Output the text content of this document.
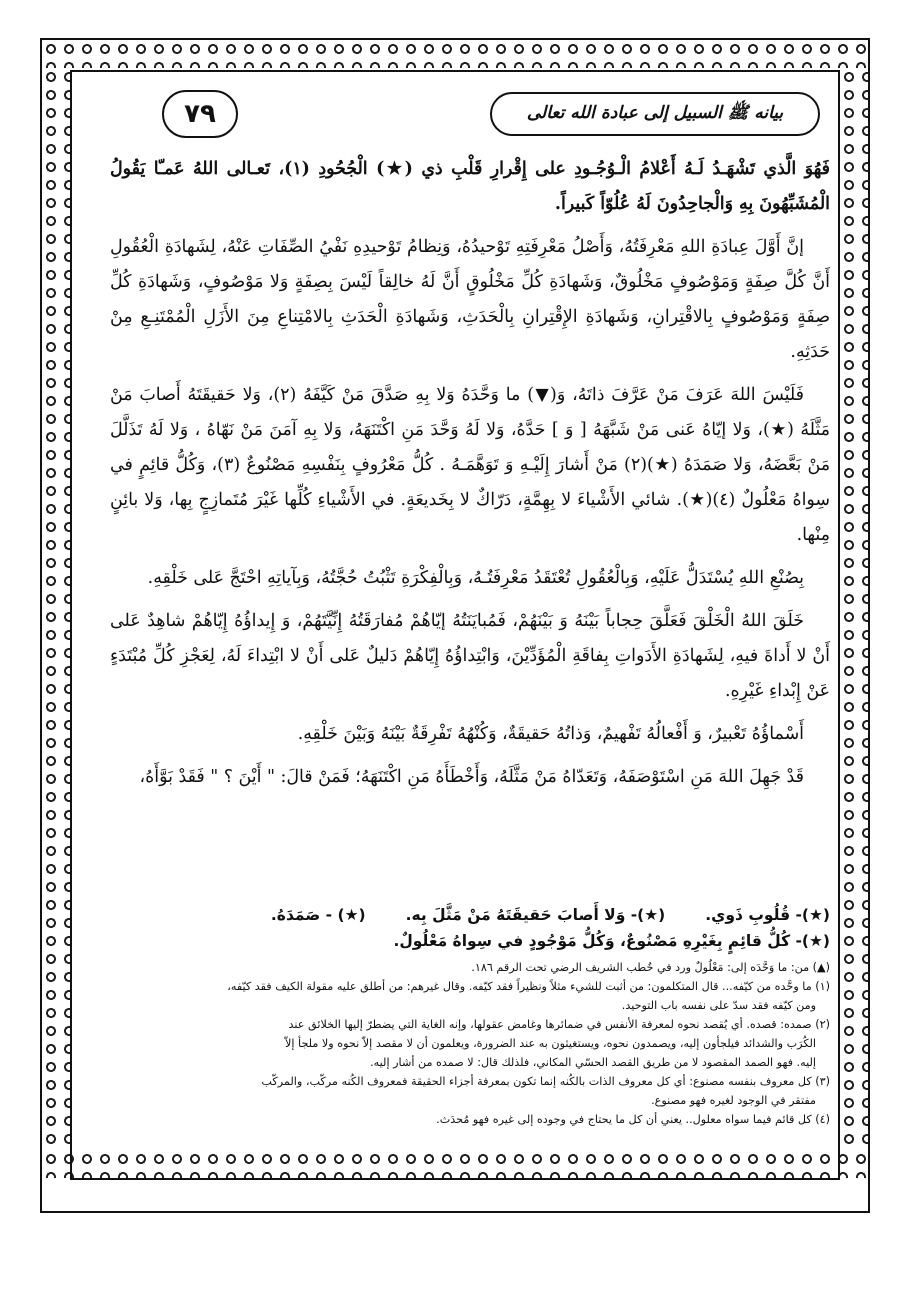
بيانه ﷺ السبيل إلى عبادة الله تعالى
٧٩

فَهُوَ الَّذي تَشْهَـدُ لَـهُ أَعْلامُ الْـوُجُـودِ على إِقْرارِ قَلْبِ ذي (★) الْجُحُودِ (١)، تَعـالى اللهُ عَمـّا يَقُولُ الْمُشَبِّهُونَ بِهِ وَالْجاحِدُونَ لَهُ عُلُوّاً كَبيراً.

إنَّ أَوَّلَ عِبادَةِ اللهِ مَعْرِفَتُهُ، وَأَصْلُ مَعْرِفَتِهِ تَوْحيدُهُ، وَنِظامُ تَوْحيدِهِ نَفْيُ الصِّفَاتِ عَنْهُ، لِشَهادَةِ الْعُقُولِ أَنَّ كُلَّ صِفَةٍ وَمَوْصُوفٍ مَخْلُوقٌ، وَشَهادَةِ كُلِّ مَخْلُوقٍ أَنَّ لَهُ خالِقاً لَيْسَ بِصِفَةٍ وَلا مَوْصُوفٍ، وَشَهادَةِ كُلِّ صِفَةٍ وَمَوْصُوفٍ بِالاقْتِرانِ، وَشَهادَةِ الإِقْتِرانِ بِالْحَدَثِ، وَشَهادَةِ الْحَدَثِ بِالامْتِناعِ مِنَ الأَزَلِ الْمُمْتَنِـعِ مِنْ حَدَثِهِ.

فَلَيْسَ اللهَ عَرَفَ مَنْ عَرَّفَ ذاتَهُ، وَ(▼) ما وَحَّدَهُ وَلا بِهِ صَدَّقَ مَنْ كَيَّفَهُ (٢)، وَلا حَقيقَتَهُ أَصابَ مَنْ مَثَّلَهُ (★)، وَلا إيّاهُ عَنى مَنْ شَبَّهَهُ [ وَ ] حَدَّهُ، وَلا لَهُ وَحَّدَ مَنِ اكْتَنَهَهُ، وَلا بِهِ آمَنَ مَنْ نَهّاهُ ، وَلا لَهُ تَذَلَّلَ مَنْ بَعَّضَهُ، وَلا صَمَدَهُ (★)(٢) مَنْ أَشارَ إِلَيْـهِ وَ تَوَهَّمَـهُ . كُلُّ مَعْرُوفٍ بِنَفْسِهِ مَصْنُوعٌ (٣)، وَكُلُّ قائِمٍ في سِواهُ مَعْلُولٌ (٤)(★). شائي الأَشْياءَ لا بِهِمَّةٍ، دَرّاكٌ لا بِخَديعَةٍ. في الأَشْياءِ كُلِّها غَيْرَ مُتَمازِجٍ بِها، وَلا بائِنٍ مِنْها.

بِصُنْعِ اللهِ يُسْتَدَلُّ عَلَيْهِ، وَبِالْعُقُولِ تُعْتَقَدُ مَعْرِفَتُـهُ، وَبِالْفِكْرَةِ تَثْبُتُ حُجَّتُهُ، وَبِآياتِهِ احْتَجَّ عَلى خَلْقِهِ.

خَلَقَ اللهُ الْخَلْقَ فَعَلَّقَ حِجاباً بَيْنَهُ وَ بَيْنَهُمْ، فَمُبايَنَتُهُ إيّاهُمْ مُفارَقَتُهُ إِنِّيَّتَهُمْ، وَ إِيداؤُهُ إِيّاهُمْ شاهِدٌ عَلى أَنْ لا أَداةَ فيهِ، لِشَهادَةِ الأَدَواتِ بِفاقَةِ الْمُؤَدِّيْنَ، وَابْتِداؤُهُ إِيّاهُمْ دَليلٌ عَلى أَنْ لا ابْتِداءَ لَهُ، لِعَجْزِ كُلِّ مُبْتَدَءٍ عَنْ إِبْداءِ غَيْرِهِ.

أَسْماؤُهُ تَعْبيرٌ، وَ أَفْعالُهُ تَفْهيمٌ، وَذاتُهُ حَقيقَةٌ، وَكُنْهُهُ تَفْرِقَةٌ بَيْنَهُ وَبَيْنَ خَلْقِهِ.

قَدْ جَهِلَ اللهَ مَنِ اسْتَوْصَفَهُ، وَتَعَدّاهُ مَنْ مَثَّلَهُ، وَأَخْطَأَهُ مَنِ اكْتَنَهَهُ؛ فَمَنْ قالَ: " أَيْنَ ؟ " فَقَدْ بَوَّأَهُ،

(★)- قُلُوبِ ذَوي.
(★)- وَلا أَصابَ حَقيقَتَهُ مَنْ مَثَّلَ بِه.
(★) - صَمَدَهُ.
(★)- كُلُّ قائِمٍ بِغَيْرِهِ مَصْنُوعٌ، وَكُلُّ مَوْجُودٍ في سِواهُ مَعْلُولٌ.

(▲) من: ما وَحَّدَه إلى: مَعْلُولٌ ورد في خُطب الشريف الرضي تحت الرقم ١٨٦.

(١) ما وحَّده من كيّفه... قال المتكلمون: من أثبت للشيء مثلاً ونظيراً فقد كيّفه. وقال غيرهم: من أطلق عليه مقولة الكيف فقد كيّفه،

ومن كيّفه فقد سدّ على نفسه باب التوحيد.

(٢) صمده: قصده. أي يُقصد نحوه لمعرفة الأنفس في ضمائرها وغامض عقولها، وإنه الغاية التي يضطرّ إليها الخلائق عند

الكُرَب والشدائد فيلجأون إليه، ويصمدون نحوه، ويستغيثون به عند الضرورة، ويعلمون أن لا مقصد إلاّ نحوه ولا ملجأ إلاّ

إليه. فهو الصمد المقصود لا من طريق القصد الحسّي المكاني، فلذلك قال: لا صمده من أشار إليه.

(٣) كل معروف بنفسه مصنوع: أي كل معروف الذات بالكُنه إنما تكون بمعرفة أجزاء الحقيقة فمعروف الكُنه مركّب، والمركّب

مفتقر في الوجود لغيره فهو مصنوع.

(٤) كل قائم فيما سواه معلول.. يعني أن كل ما يحتاج في وجوده إلى غيره فهو مُحدَث.
